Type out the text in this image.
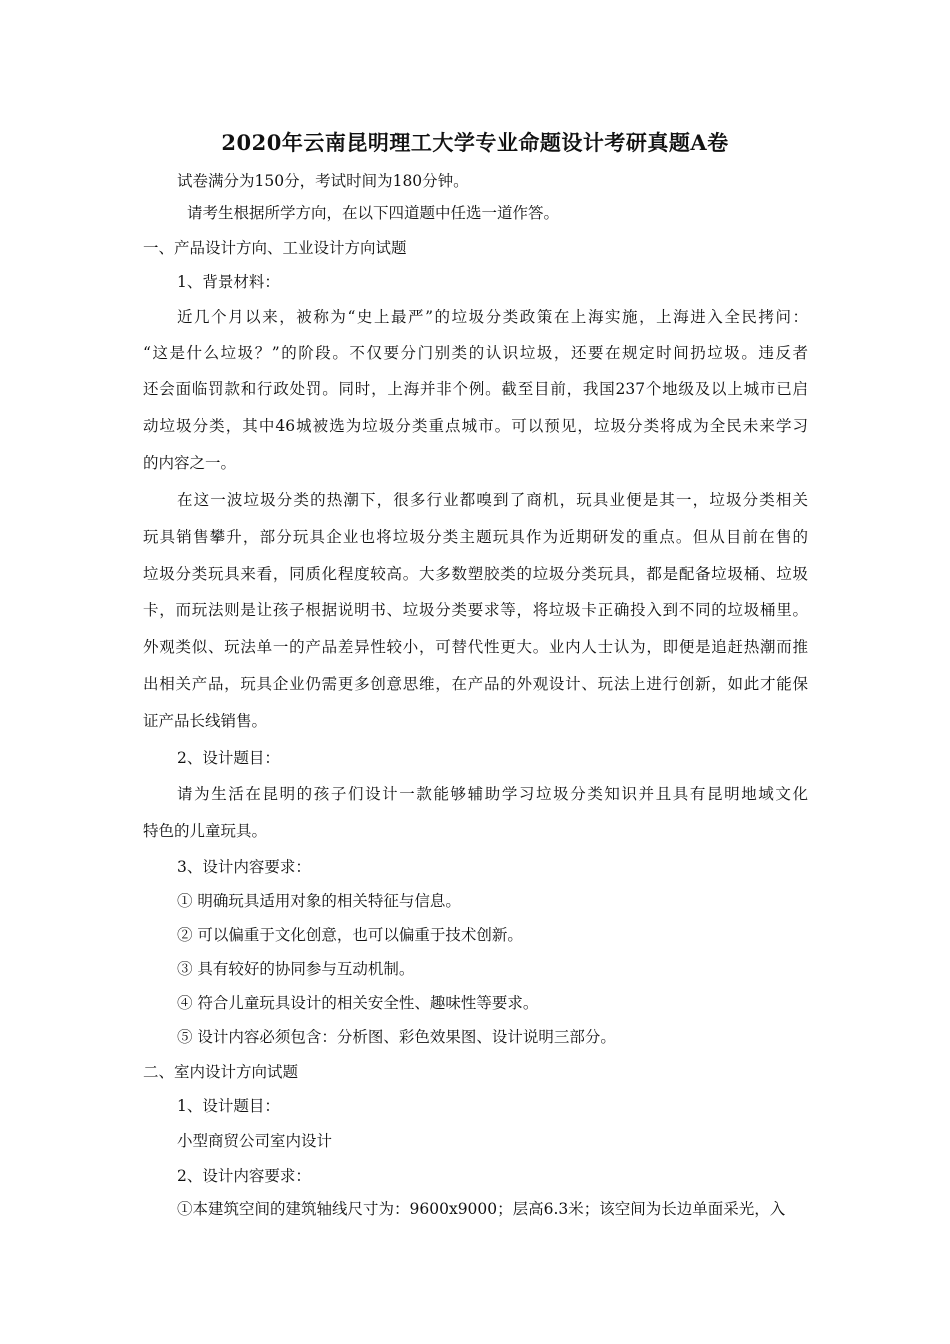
2020年云南昆明理工大学专业命题设计考研真题A卷
试卷满分为150分，考试时间为180分钟。
请考生根据所学方向，在以下四道题中任选一道作答。
一、产品设计方向、工业设计方向试题
1、背景材料：
近几个月以来，被称为“史上最严”的垃圾分类政策在上海实施，上海进入全民拷问：
“这是什么垃圾？”的阶段。不仅要分门别类的认识垃圾，还要在规定时间扔垃圾。违反者
还会面临罚款和行政处罚。同时，上海并非个例。截至目前，我国237个地级及以上城市已启
动垃圾分类，其中46城被选为垃圾分类重点城市。可以预见，垃圾分类将成为全民未来学习
的内容之一。
在这一波垃圾分类的热潮下，很多行业都嗅到了商机，玩具业便是其一，垃圾分类相关
玩具销售攀升，部分玩具企业也将垃圾分类主题玩具作为近期研发的重点。但从目前在售的
垃圾分类玩具来看，同质化程度较高。大多数塑胶类的垃圾分类玩具，都是配备垃圾桶、垃圾
卡，而玩法则是让孩子根据说明书、垃圾分类要求等，将垃圾卡正确投入到不同的垃圾桶里。
外观类似、玩法单一的产品差异性较小，可替代性更大。业内人士认为，即便是追赶热潮而推
出相关产品，玩具企业仍需更多创意思维，在产品的外观设计、玩法上进行创新，如此才能保
证产品长线销售。
2、设计题目：
请为生活在昆明的孩子们设计一款能够辅助学习垃圾分类知识并且具有昆明地域文化
特色的儿童玩具。
3、设计内容要求：
① 明确玩具适用对象的相关特征与信息。
② 可以偏重于文化创意，也可以偏重于技术创新。
③ 具有较好的协同参与互动机制。
④ 符合儿童玩具设计的相关安全性、趣味性等要求。
⑤ 设计内容必须包含：分析图、彩色效果图、设计说明三部分。
二、室内设计方向试题
1、设计题目：
小型商贸公司室内设计
2、设计内容要求：
①本建筑空间的建筑轴线尺寸为：9600x9000；层高6.3米；该空间为长边单面采光，入
